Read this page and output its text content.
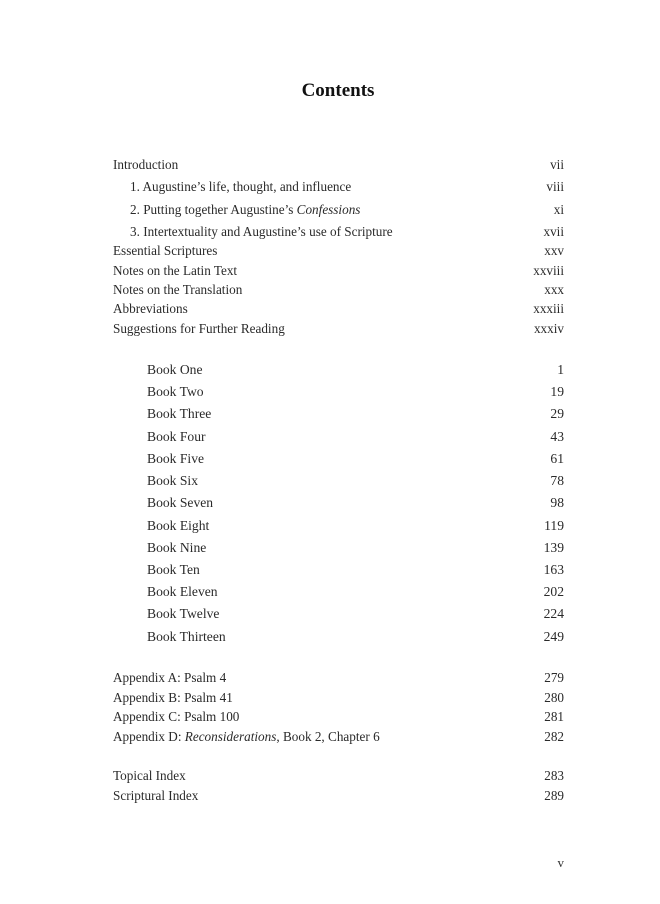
Contents
Introduction	vii
1. Augustine’s life, thought, and influence	viii
2. Putting together Augustine’s Confessions	xi
3. Intertextuality and Augustine’s use of Scripture	xvii
Essential Scriptures	xxv
Notes on the Latin Text	xxviii
Notes on the Translation	xxx
Abbreviations	xxxiii
Suggestions for Further Reading	xxxiv
Book One	1
Book Two	19
Book Three	29
Book Four	43
Book Five	61
Book Six	78
Book Seven	98
Book Eight	119
Book Nine	139
Book Ten	163
Book Eleven	202
Book Twelve	224
Book Thirteen	249
Appendix A: Psalm 4	279
Appendix B: Psalm 41	280
Appendix C: Psalm 100	281
Appendix D: Reconsiderations, Book 2, Chapter 6	282
Topical Index	283
Scriptural Index	289
v
